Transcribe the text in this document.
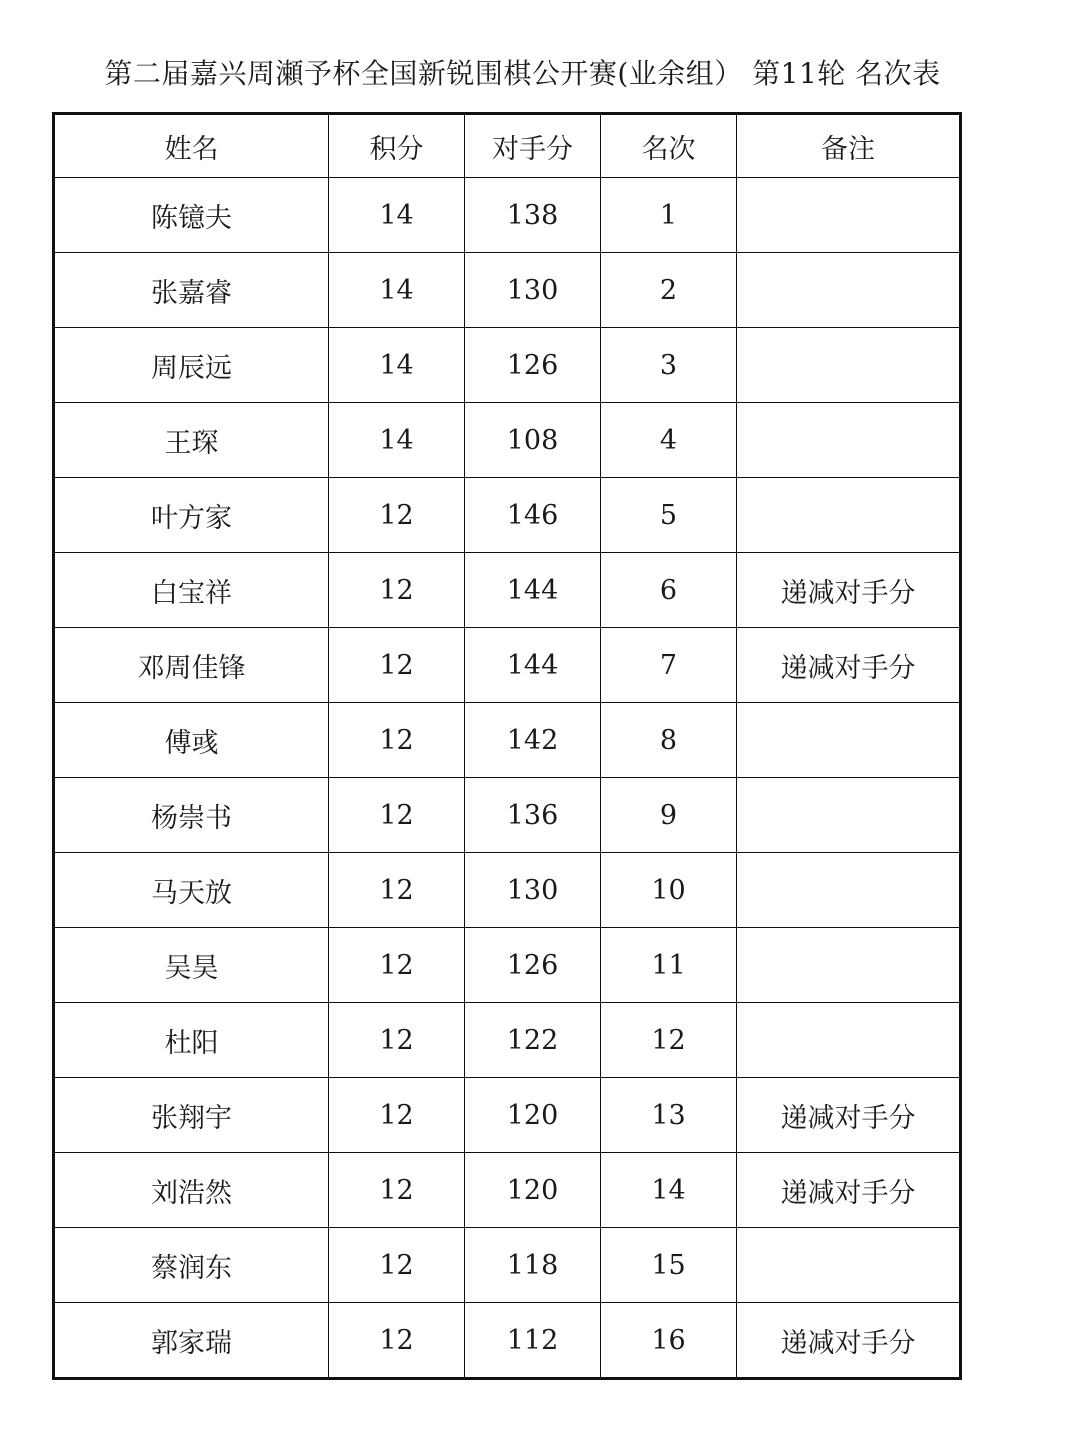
第二届嘉兴周瀬予杯全国新锐围棋公开赛(业余组） 第11轮 名次表
姓名	积分	对手分	名次	备注
陈镱夫	14	138	1	
张嘉睿	14	130	2	
周辰远	14	126	3	
王琛	14	108	4	
叶方家	12	146	5	
白宝祥	12	144	6	递减对手分
邓周佳锋	12	144	7	递减对手分
傅彧	12	142	8	
杨崇书	12	136	9	
马天放	12	130	10	
吴昊	12	126	11	
杜阳	12	122	12	
张翔宇	12	120	13	递减对手分
刘浩然	12	120	14	递减对手分
蔡润东	12	118	15	
郭家瑞	12	112	16	递减对手分
